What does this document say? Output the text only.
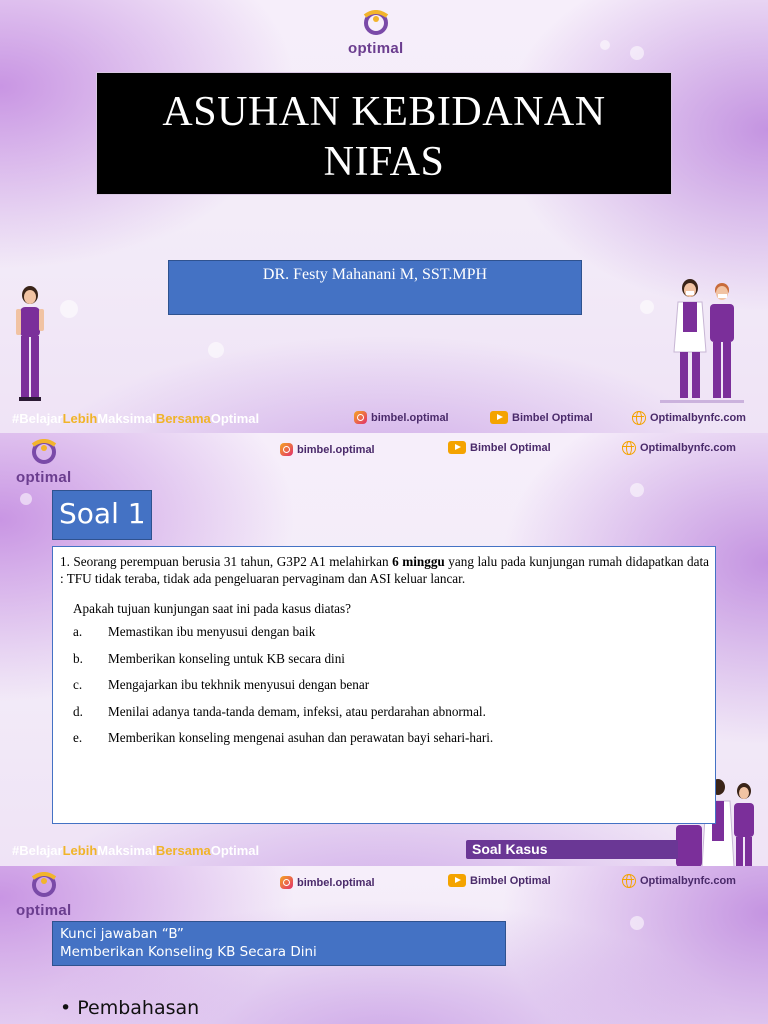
optimal
ASUHAN KEBIDANAN
NIFAS
DR. Festy Mahanani M, SST.MPH
#BelajarLebihMaksimalBersamaOptimal	bimbel.optimal	Bimbel Optimal	Optimalbynfc.com
optimal
bimbel.optimal	Bimbel Optimal	Optimalbynfc.com
Soal 1

1. Seorang perempuan berusia 31 tahun, G3P2 A1 melahirkan 6 minggu yang lalu pada kunjungan rumah didapatkan data : TFU tidak teraba, tidak ada pengeluaran pervaginam dan ASI keluar lancar.

Apakah tujuan kunjungan saat ini pada kasus diatas?

a.	Memastikan ibu menyusui dengan baik
b.	Memberikan konseling untuk KB secara dini
c.	Mengajarkan ibu tekhnik menyusui dengan benar
d.	Menilai adanya tanda-tanda demam, infeksi, atau perdarahan abnormal.
e.	Memberikan konseling mengenai asuhan dan perawatan bayi sehari-hari.
#BelajarLebihMaksimalBersamaOptimal	Soal Kasus
optimal
bimbel.optimal	Bimbel Optimal	Optimalbynfc.com
Kunci jawaban “B”
Memberikan Konseling KB Secara Dini
• Pembahasan
